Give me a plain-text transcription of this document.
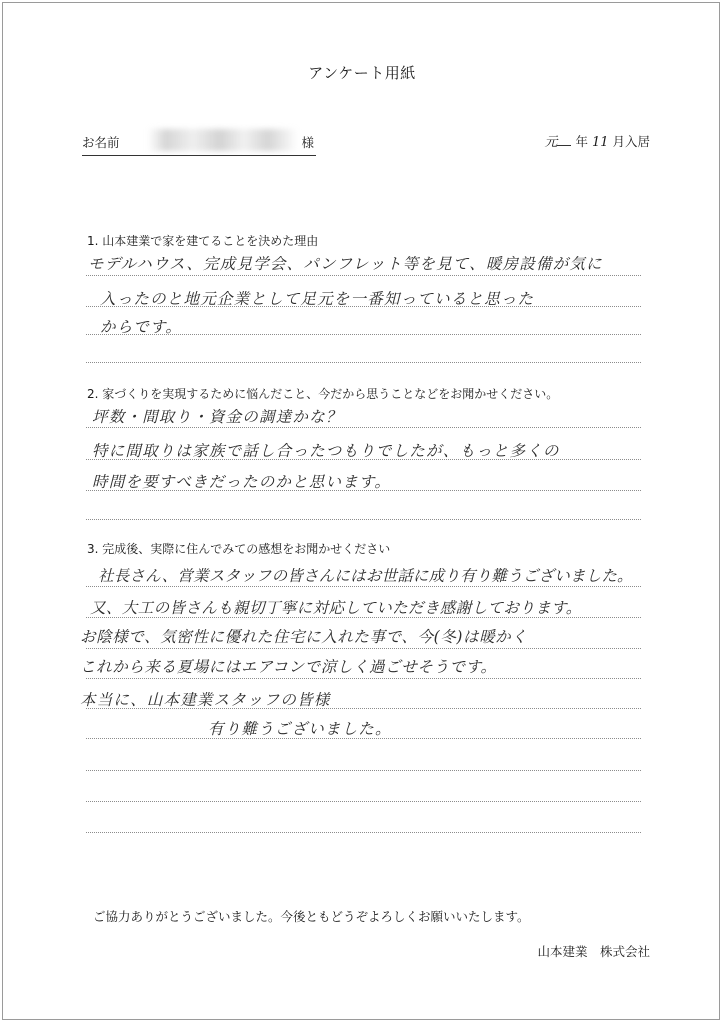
アンケート用紙
お名前	様	元 年 11 月入居
1. 山本建業で家を建てることを決めた理由
モデルハウス、完成見学会、パンフレット等を見て、暖房設備が気に
入ったのと地元企業として足元を一番知っていると思った
からです。
2. 家づくりを実現するために悩んだこと、今だから思うことなどをお聞かせください。
坪数・間取り・資金の調達かな？
特に間取りは家族で話し合ったつもりでしたが、もっと多くの
時間を要すべきだったのかと思います。
3. 完成後、実際に住んでみての感想をお聞かせください
社長さん、営業スタッフの皆さんにはお世話に成り有り難うございました。
又、大工の皆さんも親切丁寧に対応していただき感謝しております。
お陰様で、気密性に優れた住宅に入れた事で、今(冬)は暖かく
これから来る夏場にはエアコンで涼しく過ごせそうです。
本当に、山本建業スタッフの皆様
有り難うございました。
ご協力ありがとうございました。今後ともどうぞよろしくお願いいたします。
山本建業　株式会社
